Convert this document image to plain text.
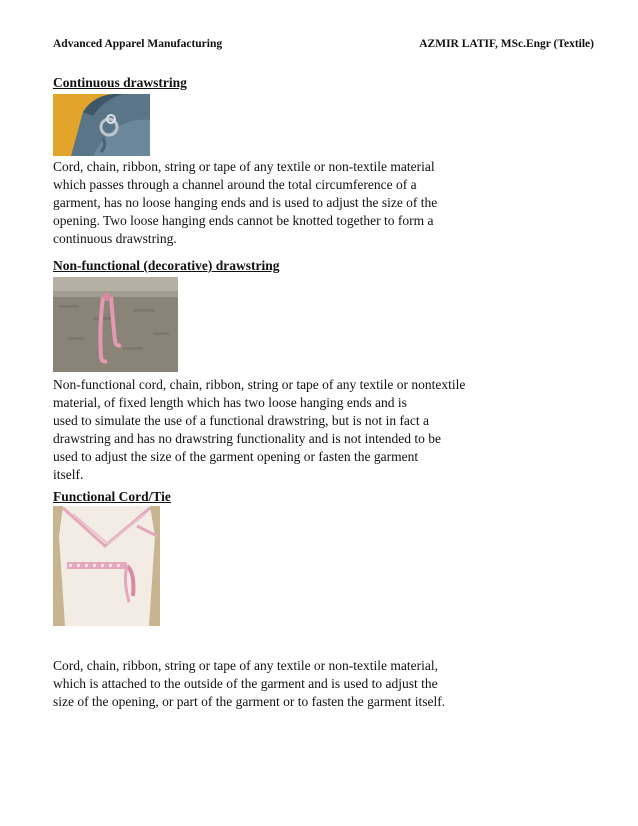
Advanced Apparel Manufacturing	AZMIR LATIF, MSc.Engr (Textile)
Continuous drawstring

Cord, chain, ribbon, string or tape of any textile or non-textile material
which passes through a channel around the total circumference of a
garment, has no loose hanging ends and is used to adjust the size of the
opening. Two loose hanging ends cannot be knotted together to form a
continuous drawstring.

Non-functional (decorative) drawstring

Non-functional cord, chain, ribbon, string or tape of any textile or nontextile
material, of fixed length which has two loose hanging ends and is
used to simulate the use of a functional drawstring, but is not in fact a
drawstring and has no drawstring functionality and is not intended to be
used to adjust the size of the garment opening or fasten the garment
itself.

Functional Cord/Tie

Cord, chain, ribbon, string or tape of any textile or non-textile material,
which is attached to the outside of the garment and is used to adjust the
size of the opening, or part of the garment or to fasten the garment itself.
